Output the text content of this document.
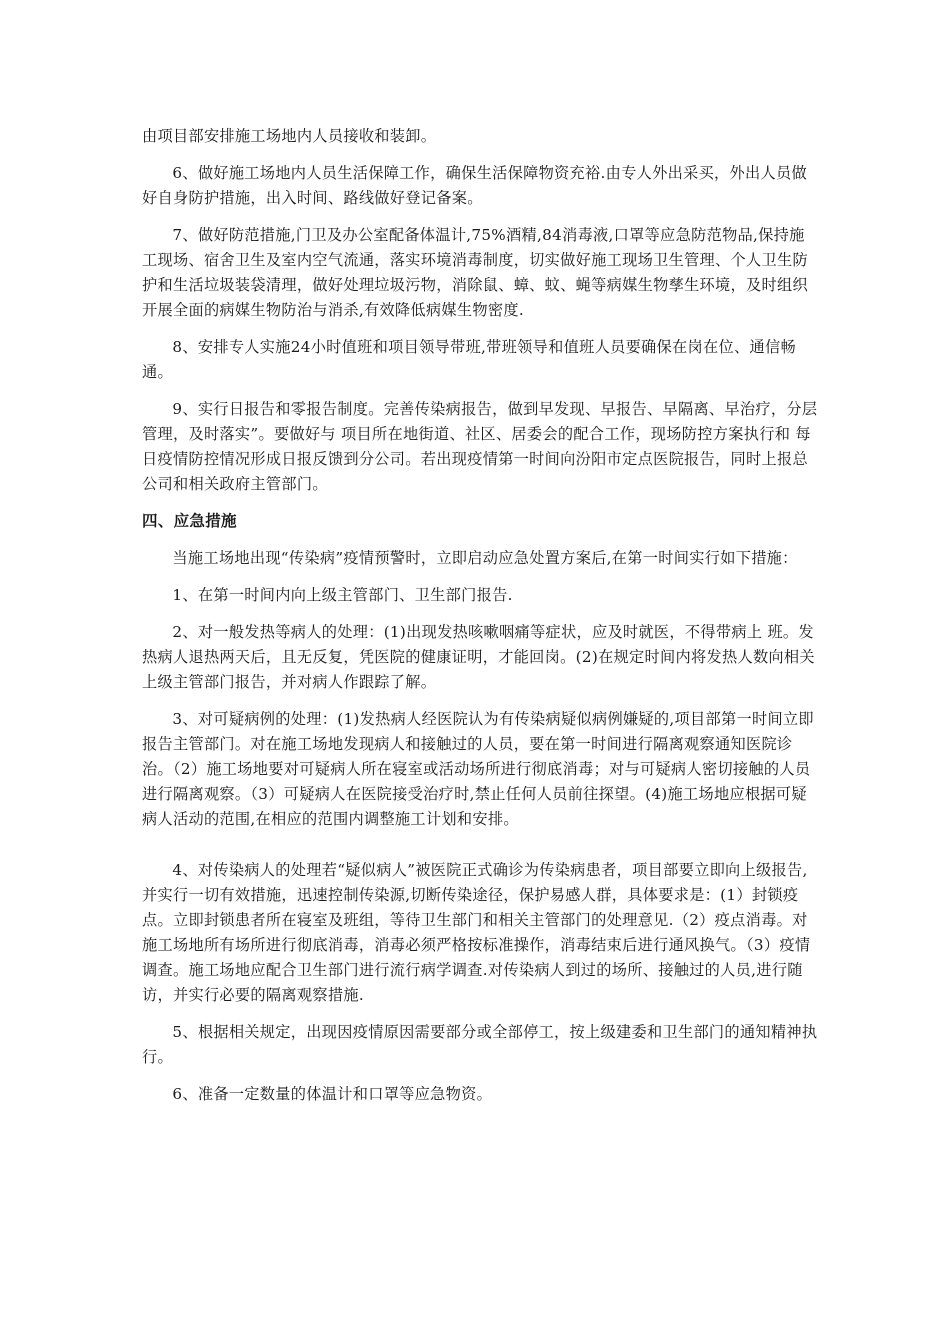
由项目部安排施工场地内人员接收和装卸。

6、做好施工场地内人员生活保障工作，确保生活保障物资充裕.由专人外出采买，外出人员做好自身防护措施，出入时间、路线做好登记备案。

7、做好防范措施,门卫及办公室配备体温计,75%酒精,84消毒液,口罩等应急防范物品,保持施工现场、宿舍卫生及室内空气流通，落实环境消毒制度，切实做好施工现场卫生管理、个人卫生防护和生活垃圾装袋清理，做好处理垃圾污物，消除鼠、蟑、蚊、蝇等病媒生物孳生环境，及时组织开展全面的病媒生物防治与消杀,有效降低病媒生物密度.

8、安排专人实施24小时值班和项目领导带班,带班领导和值班人员要确保在岗在位、通信畅通。

9、实行日报告和零报告制度。完善传染病报告，做到早发现、早报告、早隔离、早治疗，分层管理，及时落实”。要做好与 项目所在地街道、社区、居委会的配合工作，现场防控方案执行和 每日疫情防控情况形成日报反馈到分公司。若出现疫情第一时间向汾阳市定点医院报告，同时上报总公司和相关政府主管部门。

四、应急措施

当施工场地出现“传染病”疫情预警时，立即启动应急处置方案后,在第一时间实行如下措施：

1、在第一时间内向上级主管部门、卫生部门报告.

2、对一般发热等病人的处理：(1)出现发热咳嗽咽痛等症状，应及时就医，不得带病上 班。发热病人退热两天后，且无反复，凭医院的健康证明，才能回岗。(2)在规定时间内将发热人数向相关上级主管部门报告，并对病人作跟踪了解。

3、对可疑病例的处理：(1)发热病人经医院认为有传染病疑似病例嫌疑的,项目部第一时间立即报告主管部门。对在施工场地发现病人和接触过的人员，要在第一时间进行隔离观察通知医院诊治。（2）施工场地要对可疑病人所在寝室或活动场所进行彻底消毒；对与可疑病人密切接触的人员进行隔离观察。（3）可疑病人在医院接受治疗时,禁止任何人员前往探望。(4)施工场地应根据可疑病人活动的范围,在相应的范围内调整施工计划和安排。

4、对传染病人的处理若“疑似病人”被医院正式确诊为传染病患者，项目部要立即向上级报告,并实行一切有效措施，迅速控制传染源,切断传染途径，保护易感人群，具体要求是：(1）封锁疫点。立即封锁患者所在寝室及班组，等待卫生部门和相关主管部门的处理意见.（2）疫点消毒。对施工场地所有场所进行彻底消毒，消毒必须严格按标准操作，消毒结束后进行通风换气。（3）疫情调查。施工场地应配合卫生部门进行流行病学调查.对传染病人到过的场所、接触过的人员,进行随访，并实行必要的隔离观察措施.

5、根据相关规定，出现因疫情原因需要部分或全部停工，按上级建委和卫生部门的通知精神执行。

6、准备一定数量的体温计和口罩等应急物资。
